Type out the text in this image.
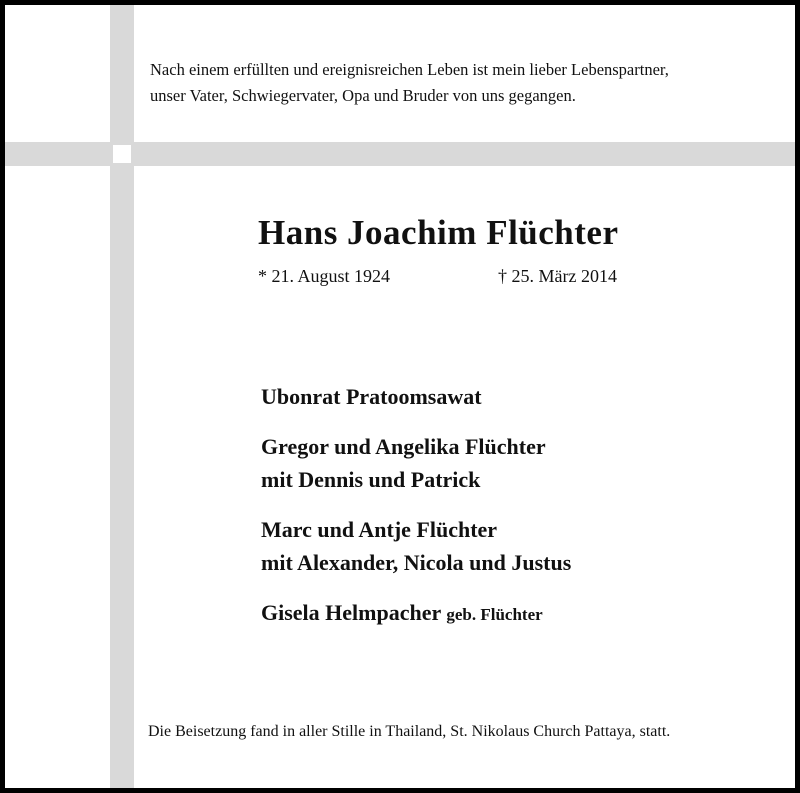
Nach einem erfüllten und ereignisreichen Leben ist mein lieber Lebenspartner,
unser Vater, Schwiegervater, Opa und Bruder von uns gegangen.
Hans Joachim Flüchter
* 21. August 1924	† 25. März 2014
Ubonrat Pratoomsawat
Gregor und Angelika Flüchter
mit Dennis und Patrick
Marc und Antje Flüchter
mit Alexander, Nicola und Justus
Gisela Helmpacher geb. Flüchter
Die Beisetzung fand in aller Stille in Thailand, St. Nikolaus Church Pattaya, statt.
